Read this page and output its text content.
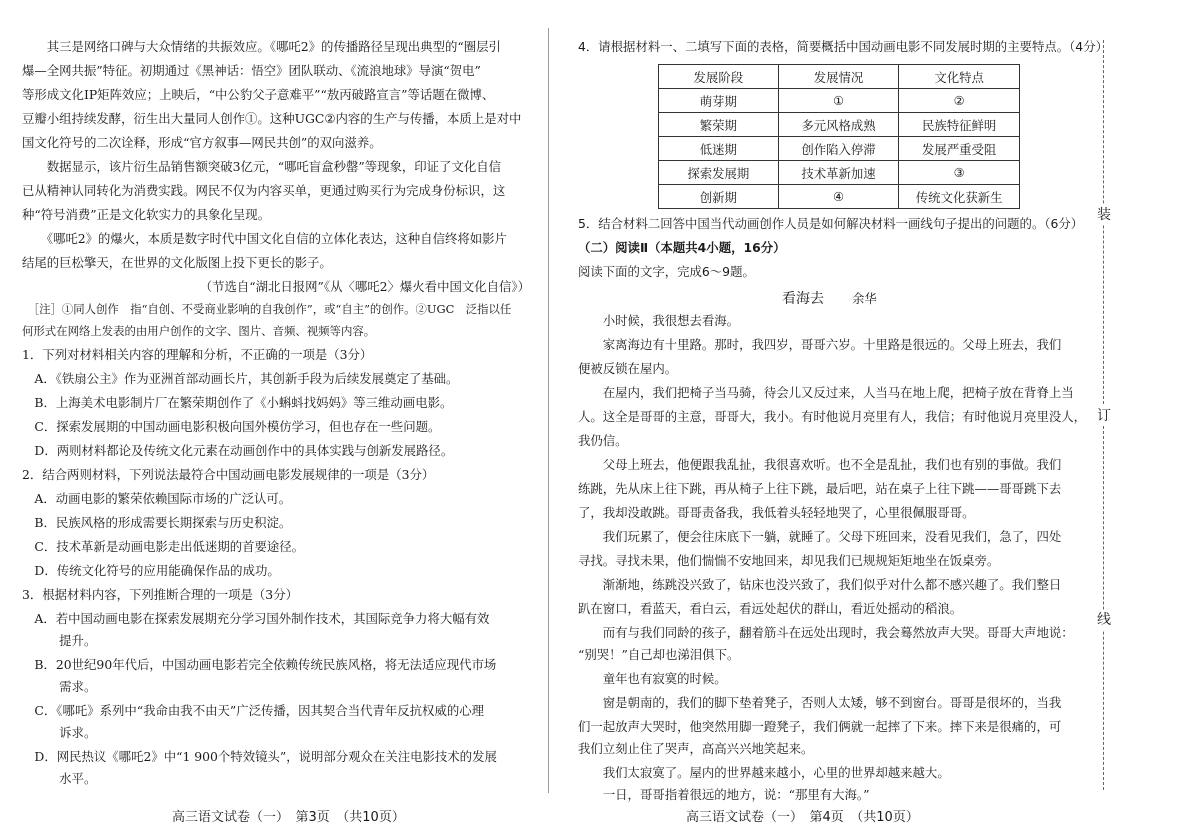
　　其三是网络口碑与大众情绪的共振效应。《哪吒2》的传播路径呈现出典型的“圈层引
爆—全网共振”特征。初期通过《黑神话：悟空》团队联动、《流浪地球》导演“贺电”
等形成文化IP矩阵效应；上映后，“中公豹父子意难平”“敖丙破路宣言”等话题在微博、
豆瓣小组持续发酵，衍生出大量同人创作①。这种UGC②内容的生产与传播，本质上是对中
国文化符号的二次诠释，形成“官方叙事—网民共创”的双向滋养。
　　数据显示，该片衍生品销售额突破3亿元，“哪吒盲盒秒罄”等现象，印证了文化自信
已从精神认同转化为消费实践。网民不仅为内容买单，更通过购买行为完成身份标识，这
种“符号消费”正是文化软实力的具象化呈现。
　　《哪吒2》的爆火，本质是数字时代中国文化自信的立体化表达，这种自信终将如影片
结尾的巨松擎天，在世界的文化版图上投下更长的影子。
（节选自“湖北日报网”《从〈哪吒2〉爆火看中国文化自信》）
　［注］①同人创作　指“自创、不受商业影响的自我创作”，或“自主”的创作。②UGC　泛指以任
何形式在网络上发表的由用户创作的文字、图片、音频、视频等内容。
1．下列对材料相关内容的理解和分析，不正确的一项是（3分）
　A．《铁扇公主》作为亚洲首部动画长片，其创新手段为后续发展奠定了基础。
　B．上海美术电影制片厂在繁荣期创作了《小蝌蚪找妈妈》等三维动画电影。
　C．探索发展期的中国动画电影积极向国外模仿学习，但也存在一些问题。
　D．两则材料都论及传统文化元素在动画创作中的具体实践与创新发展路径。
2．结合两则材料，下列说法最符合中国动画电影发展规律的一项是（3分）
　A．动画电影的繁荣依赖国际市场的广泛认可。
　B．民族风格的形成需要长期探索与历史积淀。
　C．技术革新是动画电影走出低迷期的首要途径。
　D．传统文化符号的应用能确保作品的成功。
3．根据材料内容，下列推断合理的一项是（3分）
　A．若中国动画电影在探索发展期充分学习国外制作技术，其国际竞争力将大幅有效
　　　提升。
　B．20世纪90年代后，中国动画电影若完全依赖传统民族风格，将无法适应现代市场
　　　需求。
　C．《哪吒》系列中“我命由我不由天”广泛传播，因其契合当代青年反抗权威的心理
　　　诉求。
　D．网民热议《哪吒2》中“1 900个特效镜头”，说明部分观众在关注电影技术的发展
　　　水平。
　　小时候，我很想去看海。
　　家离海边有十里路。那时，我四岁，哥哥六岁。十里路是很远的。父母上班去，我们
便被反锁在屋内。
　　在屋内，我们把椅子当马骑，待会儿又反过来，人当马在地上爬，把椅子放在背脊上当
人。这全是哥哥的主意，哥哥大，我小。有时他说月亮里有人，我信；有时他说月亮里没人，
我仍信。
　　父母上班去，他便跟我乱扯，我很喜欢听。也不全是乱扯，我们也有别的事做。我们
练跳，先从床上往下跳，再从椅子上往下跳，最后吧，站在桌子上往下跳——哥哥跳下去
了，我却没敢跳。哥哥责备我，我低着头轻轻地哭了，心里很佩服哥哥。
　　我们玩累了，便会往床底下一躺，就睡了。父母下班回来，没看见我们，急了，四处
寻找。寻找未果，他们惴惴不安地回来，却见我们已规规矩矩地坐在饭桌旁。
　　渐渐地，练跳没兴致了，钻床也没兴致了，我们似乎对什么都不感兴趣了。我们整日
趴在窗口，看蓝天，看白云，看远处起伏的群山，看近处摇动的稻浪。
　　而有与我们同龄的孩子，翻着筋斗在远处出现时，我会蓦然放声大哭。哥哥大声地说：
“别哭！”自己却也涕泪俱下。
　　童年也有寂寞的时候。
　　窗是朝南的，我们的脚下垫着凳子，否则人太矮，够不到窗台。哥哥是很坏的，当我
们一起放声大哭时，他突然用脚一蹬凳子，我们俩就一起摔了下来。摔下来是很痛的，可
我们立刻止住了哭声，高高兴兴地笑起来。
　　我们太寂寞了。屋内的世界越来越小，心里的世界却越来越大。
　　一日，哥哥指着很远的地方，说：“那里有大海。”
4．请根据材料一、二填写下面的表格，简要概括中国动画电影不同发展时期的主要特点。（4分）
发展阶段	发展情况	文化特点
萌芽期	①	②
繁荣期	多元风格成熟	民族特征鲜明
低迷期	创作陷入停滞	发展严重受阻
探索发展期	技术革新加速	③
创新期	④	传统文化获新生
5．结合材料二回答中国当代动画创作人员是如何解决材料一画线句子提出的问题的。（6分）
（二）阅读Ⅱ（本题共4小题，16分）
阅读下面的文字，完成6～9题。
看海去 余华
高三语文试卷（一）　第3页　（共10页）	高三语文试卷（一）　第4页　（共10页）
装
订
线
